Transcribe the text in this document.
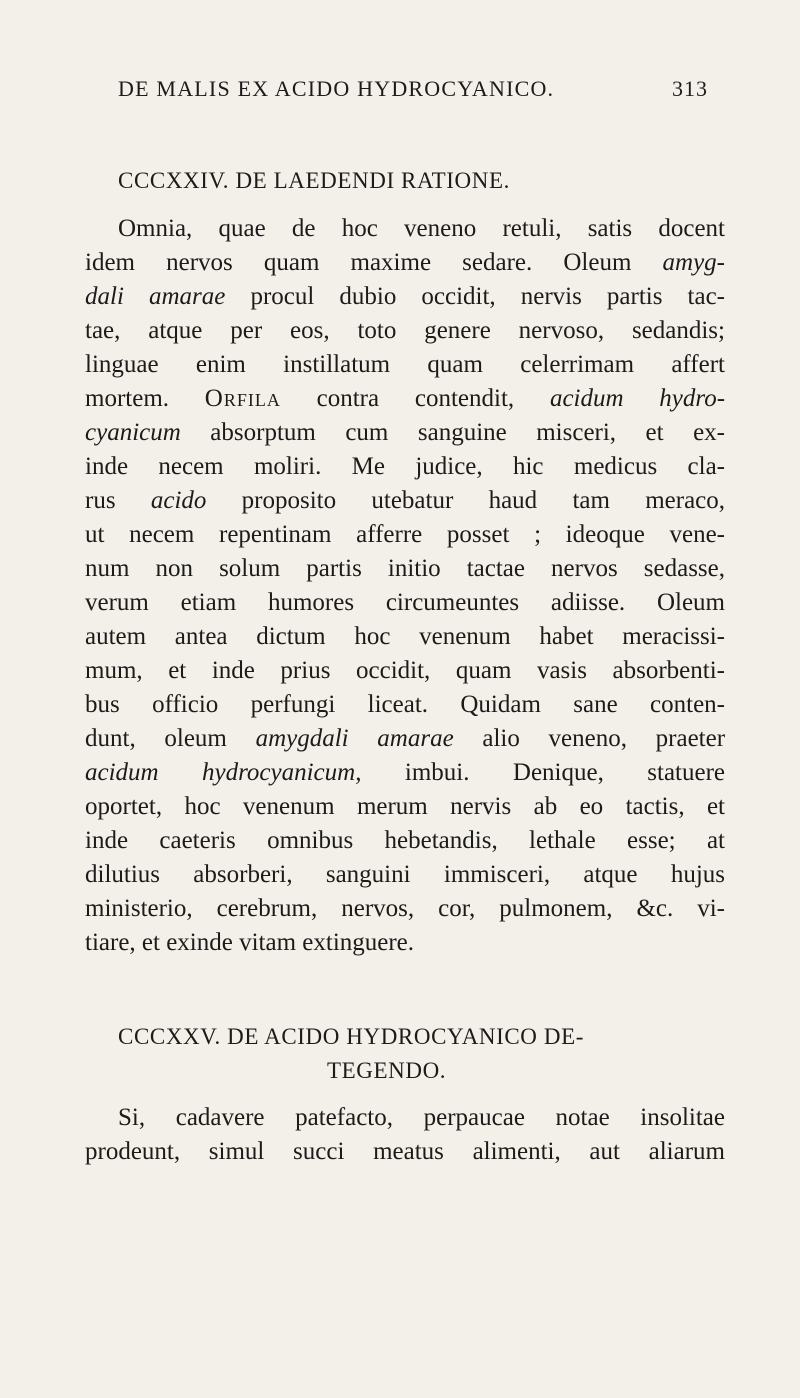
DE MALIS EX ACIDO HYDROCYANICO.	313
CCCXXIV. DE LAEDENDI RATIONE.
Omnia, quae de hoc veneno retuli, satis docent
idem nervos quam maxime sedare. Oleum amyg-
dali amarae procul dubio occidit, nervis partis tac-
tae, atque per eos, toto genere nervoso, sedandis;
linguae enim instillatum quam celerrimam affert
mortem. Orfila contra contendit, acidum hydro-
cyanicum absorptum cum sanguine misceri, et ex-
inde necem moliri. Me judice, hic medicus cla-
rus acido proposito utebatur haud tam meraco,
ut necem repentinam afferre posset ; ideoque vene-
num non solum partis initio tactae nervos sedasse,
verum etiam humores circumeuntes adiisse. Oleum
autem antea dictum hoc venenum habet meracissi-
mum, et inde prius occidit, quam vasis absorbenti-
bus officio perfungi liceat. Quidam sane conten-
dunt, oleum amygdali amarae alio veneno, praeter
acidum hydrocyanicum, imbui. Denique, statuere
oportet, hoc venenum merum nervis ab eo tactis, et
inde caeteris omnibus hebetandis, lethale esse; at
dilutius absorberi, sanguini immisceri, atque hujus
ministerio, cerebrum, nervos, cor, pulmonem, &c. vi-
tiare, et exinde vitam extinguere.
CCCXXV. DE ACIDO HYDROCYANICO DE-
TEGENDO.
Si, cadavere patefacto, perpaucae notae insolitae
prodeunt, simul succi meatus alimenti, aut aliarum
